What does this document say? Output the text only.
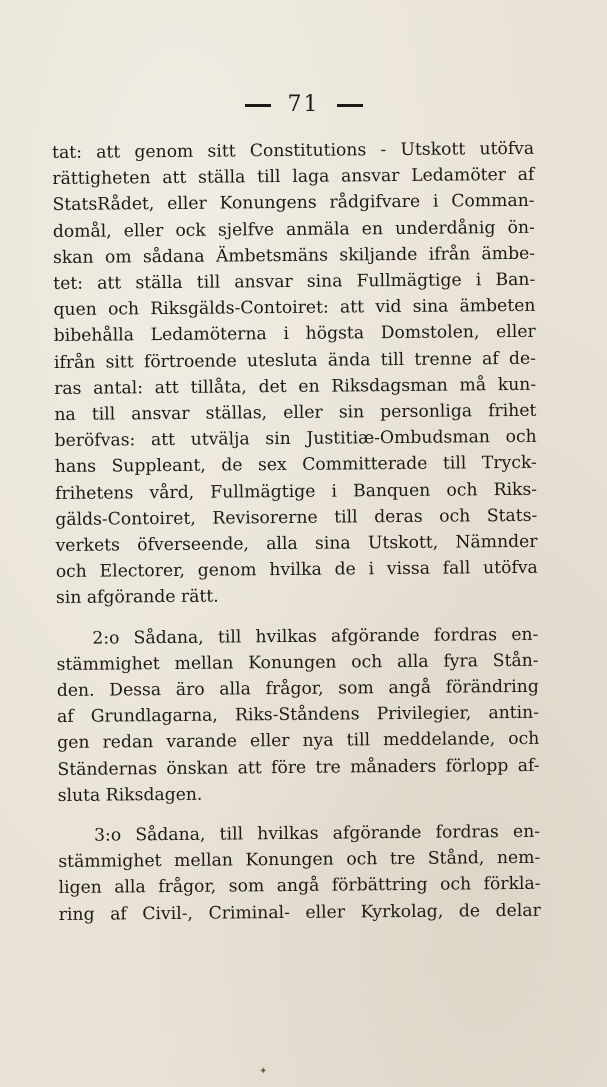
71
tat: att genom sitt Constitutions - Utskott utöfva
rättigheten att ställa till laga ansvar Ledamöter af
StatsRådet, eller Konungens rådgifvare i Comman-
domål, eller ock sjelfve anmäla en underdånig ön-
skan om sådana Ämbetsmäns skiljande ifrån ämbe-
tet: att ställa till ansvar sina Fullmägtige i Ban-
quen och Riksgälds-Contoiret: att vid sina ämbeten
bibehålla Ledamöterna i högsta Domstolen, eller
ifrån sitt förtroende utesluta ända till trenne af de-
ras antal: att tillåta, det en Riksdagsman må kun-
na till ansvar ställas, eller sin personliga frihet
beröfvas: att utvälja sin Justitiæ-Ombudsman och
hans Suppleant, de sex Committerade till Tryck-
frihetens vård, Fullmägtige i Banquen och Riks-
gälds-Contoiret, Revisorerne till deras och Stats-
verkets öfverseende, alla sina Utskott, Nämnder
och Electorer, genom hvilka de i vissa fall utöfva
sin afgörande rätt.
2:o Sådana, till hvilkas afgörande fordras en-
stämmighet mellan Konungen och alla fyra Stån-
den. Dessa äro alla frågor, som angå förändring
af Grundlagarna, Riks-Ståndens Privilegier, antin-
gen redan varande eller nya till meddelande, och
Ständernas önskan att före tre månaders förlopp af-
sluta Riksdagen.
3:o Sådana, till hvilkas afgörande fordras en-
stämmighet mellan Konungen och tre Stånd, nem-
ligen alla frågor, som angå förbättring och förkla-
ring af Civil-, Criminal- eller Kyrkolag, de delar
✦
